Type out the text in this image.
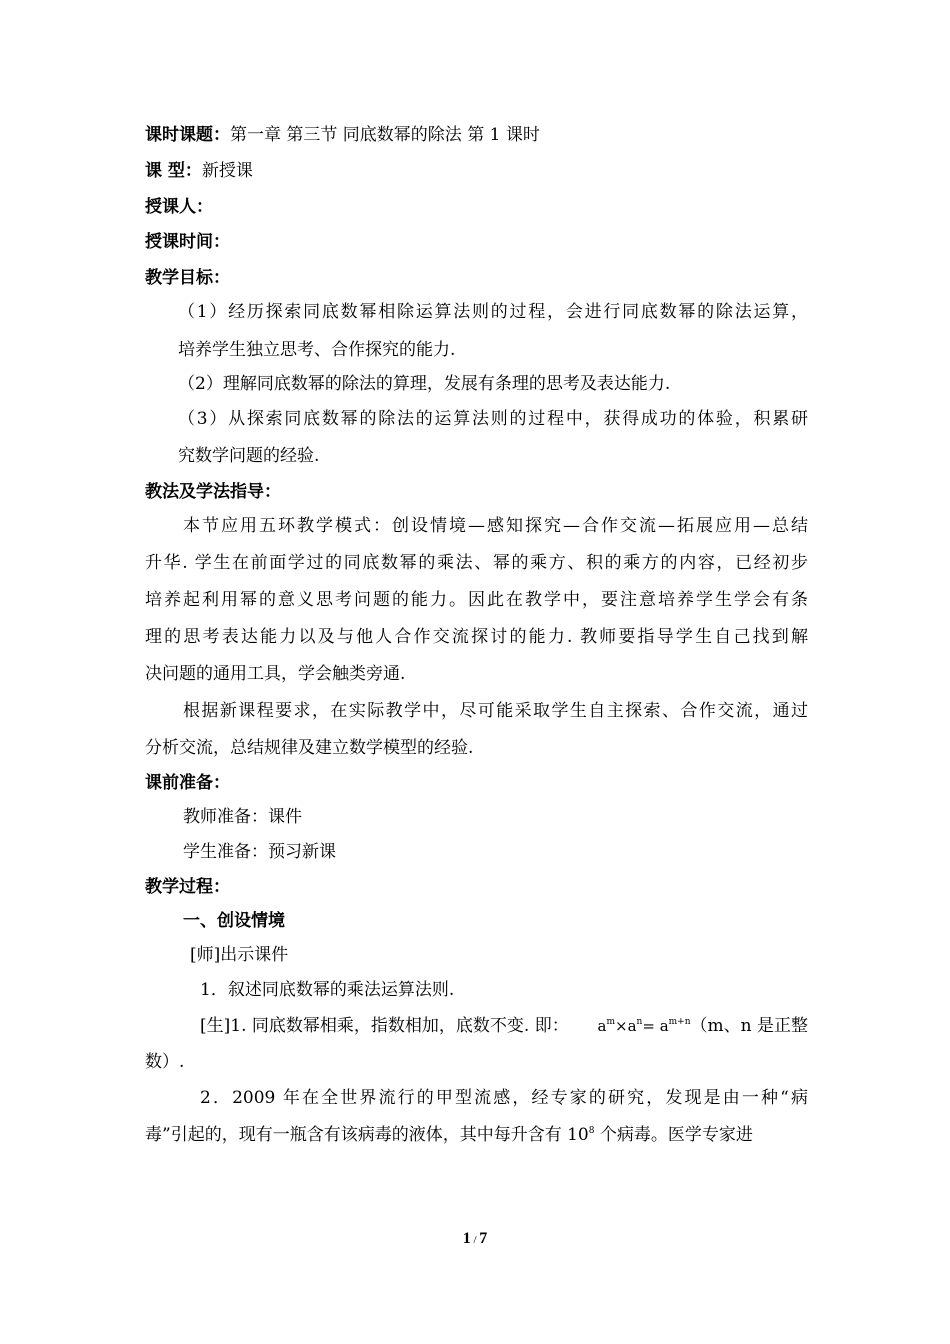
课时课题：第一章 第三节 同底数幂的除法 第 1 课时
课 型：新授课
授课人：
授课时间：
教学目标：
（1）经历探索同底数幂相除运算法则的过程，会进行同底数幂的除法运算，
培养学生独立思考、合作探究的能力.
（2）理解同底数幂的除法的算理，发展有条理的思考及表达能力.
（3）从探索同底数幂的除法的运算法则的过程中，获得成功的体验，积累研
究数学问题的经验.
教法及学法指导：
本节应用五环教学模式：创设情境—感知探究—合作交流—拓展应用—总结
升华. 学生在前面学过的同底数幂的乘法、幂的乘方、积的乘方的内容，已经初步
培养起利用幂的意义思考问题的能力。因此在教学中，要注意培养学生学会有条
理的思考表达能力以及与他人合作交流探讨的能力. 教师要指导学生自己找到解
决问题的通用工具，学会触类旁通.
根据新课程要求，在实际教学中，尽可能采取学生自主探索、合作交流，通过
分析交流，总结规律及建立数学模型的经验.
课前准备：
教师准备：课件
学生准备：预习新课
教学过程：
一、创设情境
[师]出示课件
1．叙述同底数幂的乘法运算法则.
[生]1. 同底数幂相乘，指数相加，底数不变. 即： $a^m\times a^n= a^{m+n}(m$、n 是正整
数）.
2．2009 年在全世界流行的甲型流感，经专家的研究，发现是由一种“病
毒”引起的，现有一瓶含有该病毒的液体，其中每升含有 $10^8$ 个病毒。医学专家进
1 / 7
